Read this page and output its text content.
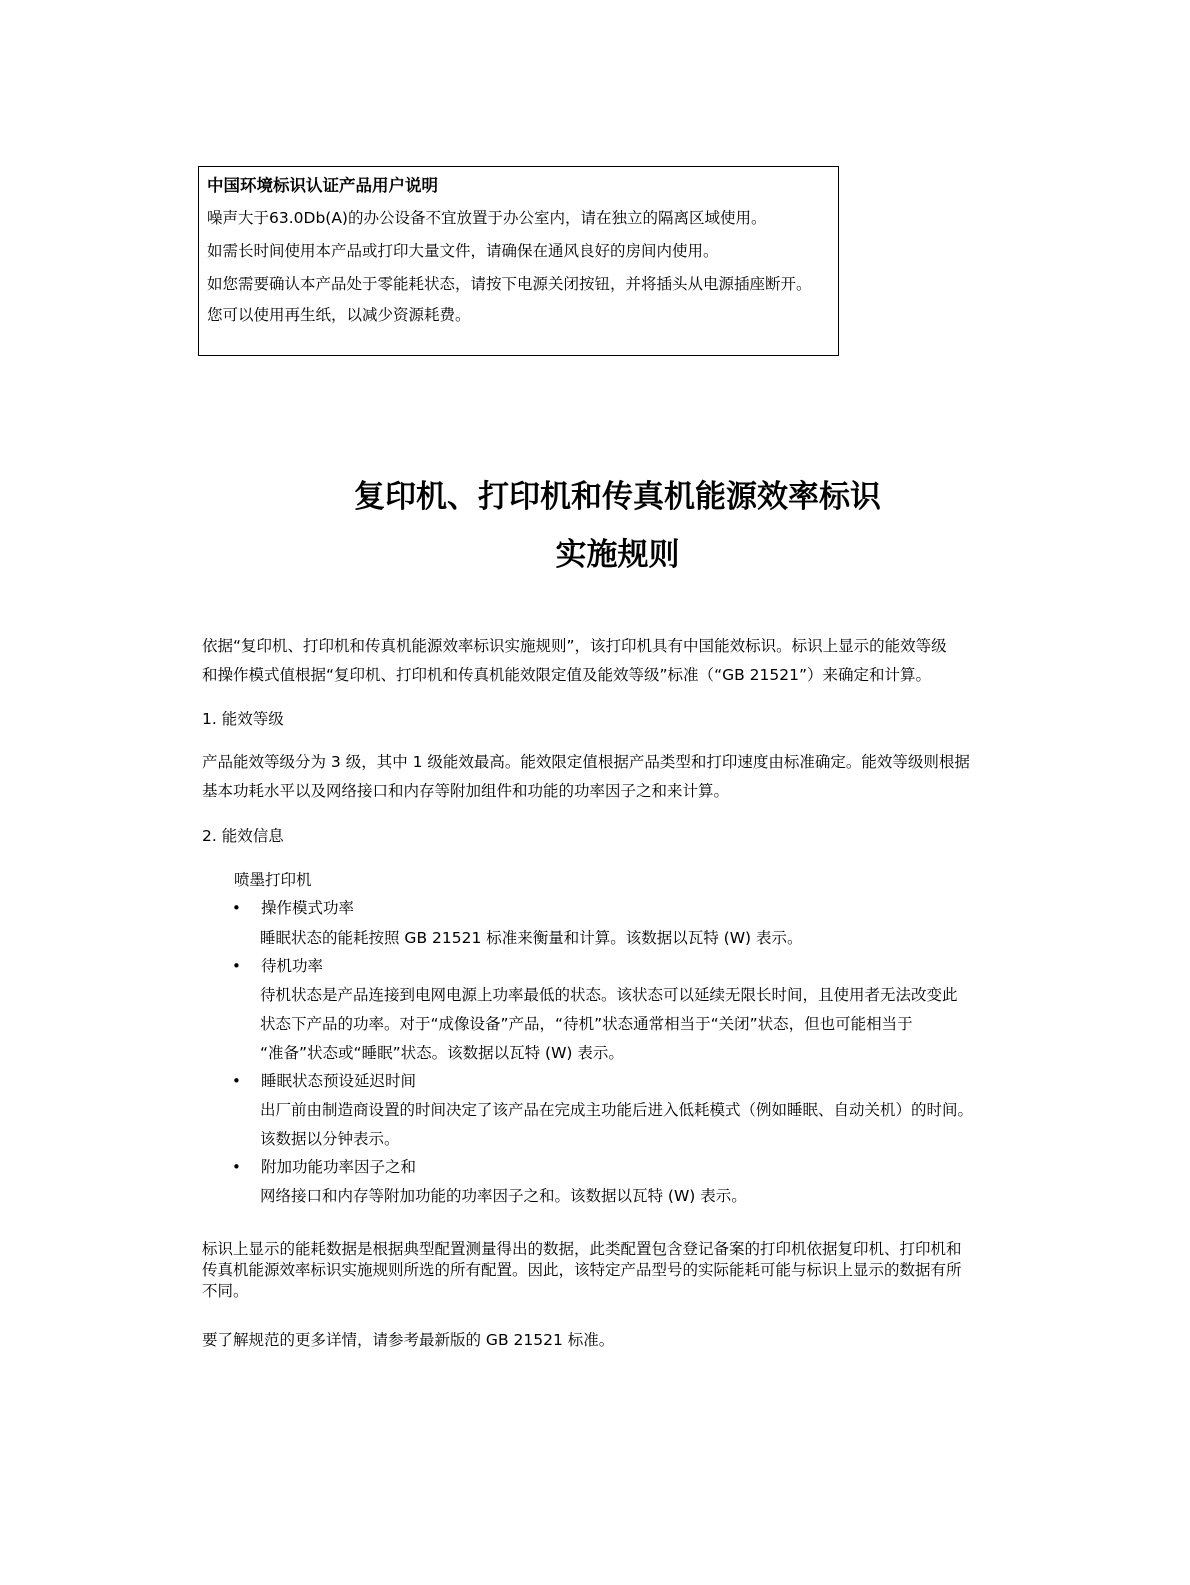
中国环境标识认证产品用户说明
噪声大于63.0Db(A)的办公设备不宜放置于办公室内，请在独立的隔离区域使用。
如需长时间使用本产品或打印大量文件，请确保在通风良好的房间内使用。
如您需要确认本产品处于零能耗状态，请按下电源关闭按钮，并将插头从电源插座断开。
您可以使用再生纸，以减少资源耗费。
复印机、打印机和传真机能源效率标识
实施规则
依据“复印机、打印机和传真机能源效率标识实施规则”，该打印机具有中国能效标识。标识上显示的能效等级
和操作模式值根据“复印机、打印机和传真机能效限定值及能效等级”标准（“GB 21521”）来确定和计算。
1. 能效等级
产品能效等级分为 3 级，其中 1 级能效最高。能效限定值根据产品类型和打印速度由标准确定。能效等级则根据
基本功耗水平以及网络接口和内存等附加组件和功能的功率因子之和来计算。
2. 能效信息
喷墨打印机
• 操作模式功率
睡眠状态的能耗按照 GB 21521 标准来衡量和计算。该数据以瓦特 (W) 表示。
• 待机功率
待机状态是产品连接到电网电源上功率最低的状态。该状态可以延续无限长时间，且使用者无法改变此
状态下产品的功率。对于“成像设备”产品，“待机”状态通常相当于“关闭”状态，但也可能相当于
“准备”状态或“睡眠”状态。该数据以瓦特 (W) 表示。
• 睡眠状态预设延迟时间
出厂前由制造商设置的时间决定了该产品在完成主功能后进入低耗模式（例如睡眠、自动关机）的时间。
该数据以分钟表示。
• 附加功能功率因子之和
网络接口和内存等附加功能的功率因子之和。该数据以瓦特 (W) 表示。
标识上显示的能耗数据是根据典型配置测量得出的数据，此类配置包含登记备案的打印机依据复印机、打印机和
传真机能源效率标识实施规则所选的所有配置。因此，该特定产品型号的实际能耗可能与标识上显示的数据有所
不同。
要了解规范的更多详情，请参考最新版的 GB 21521 标准。
